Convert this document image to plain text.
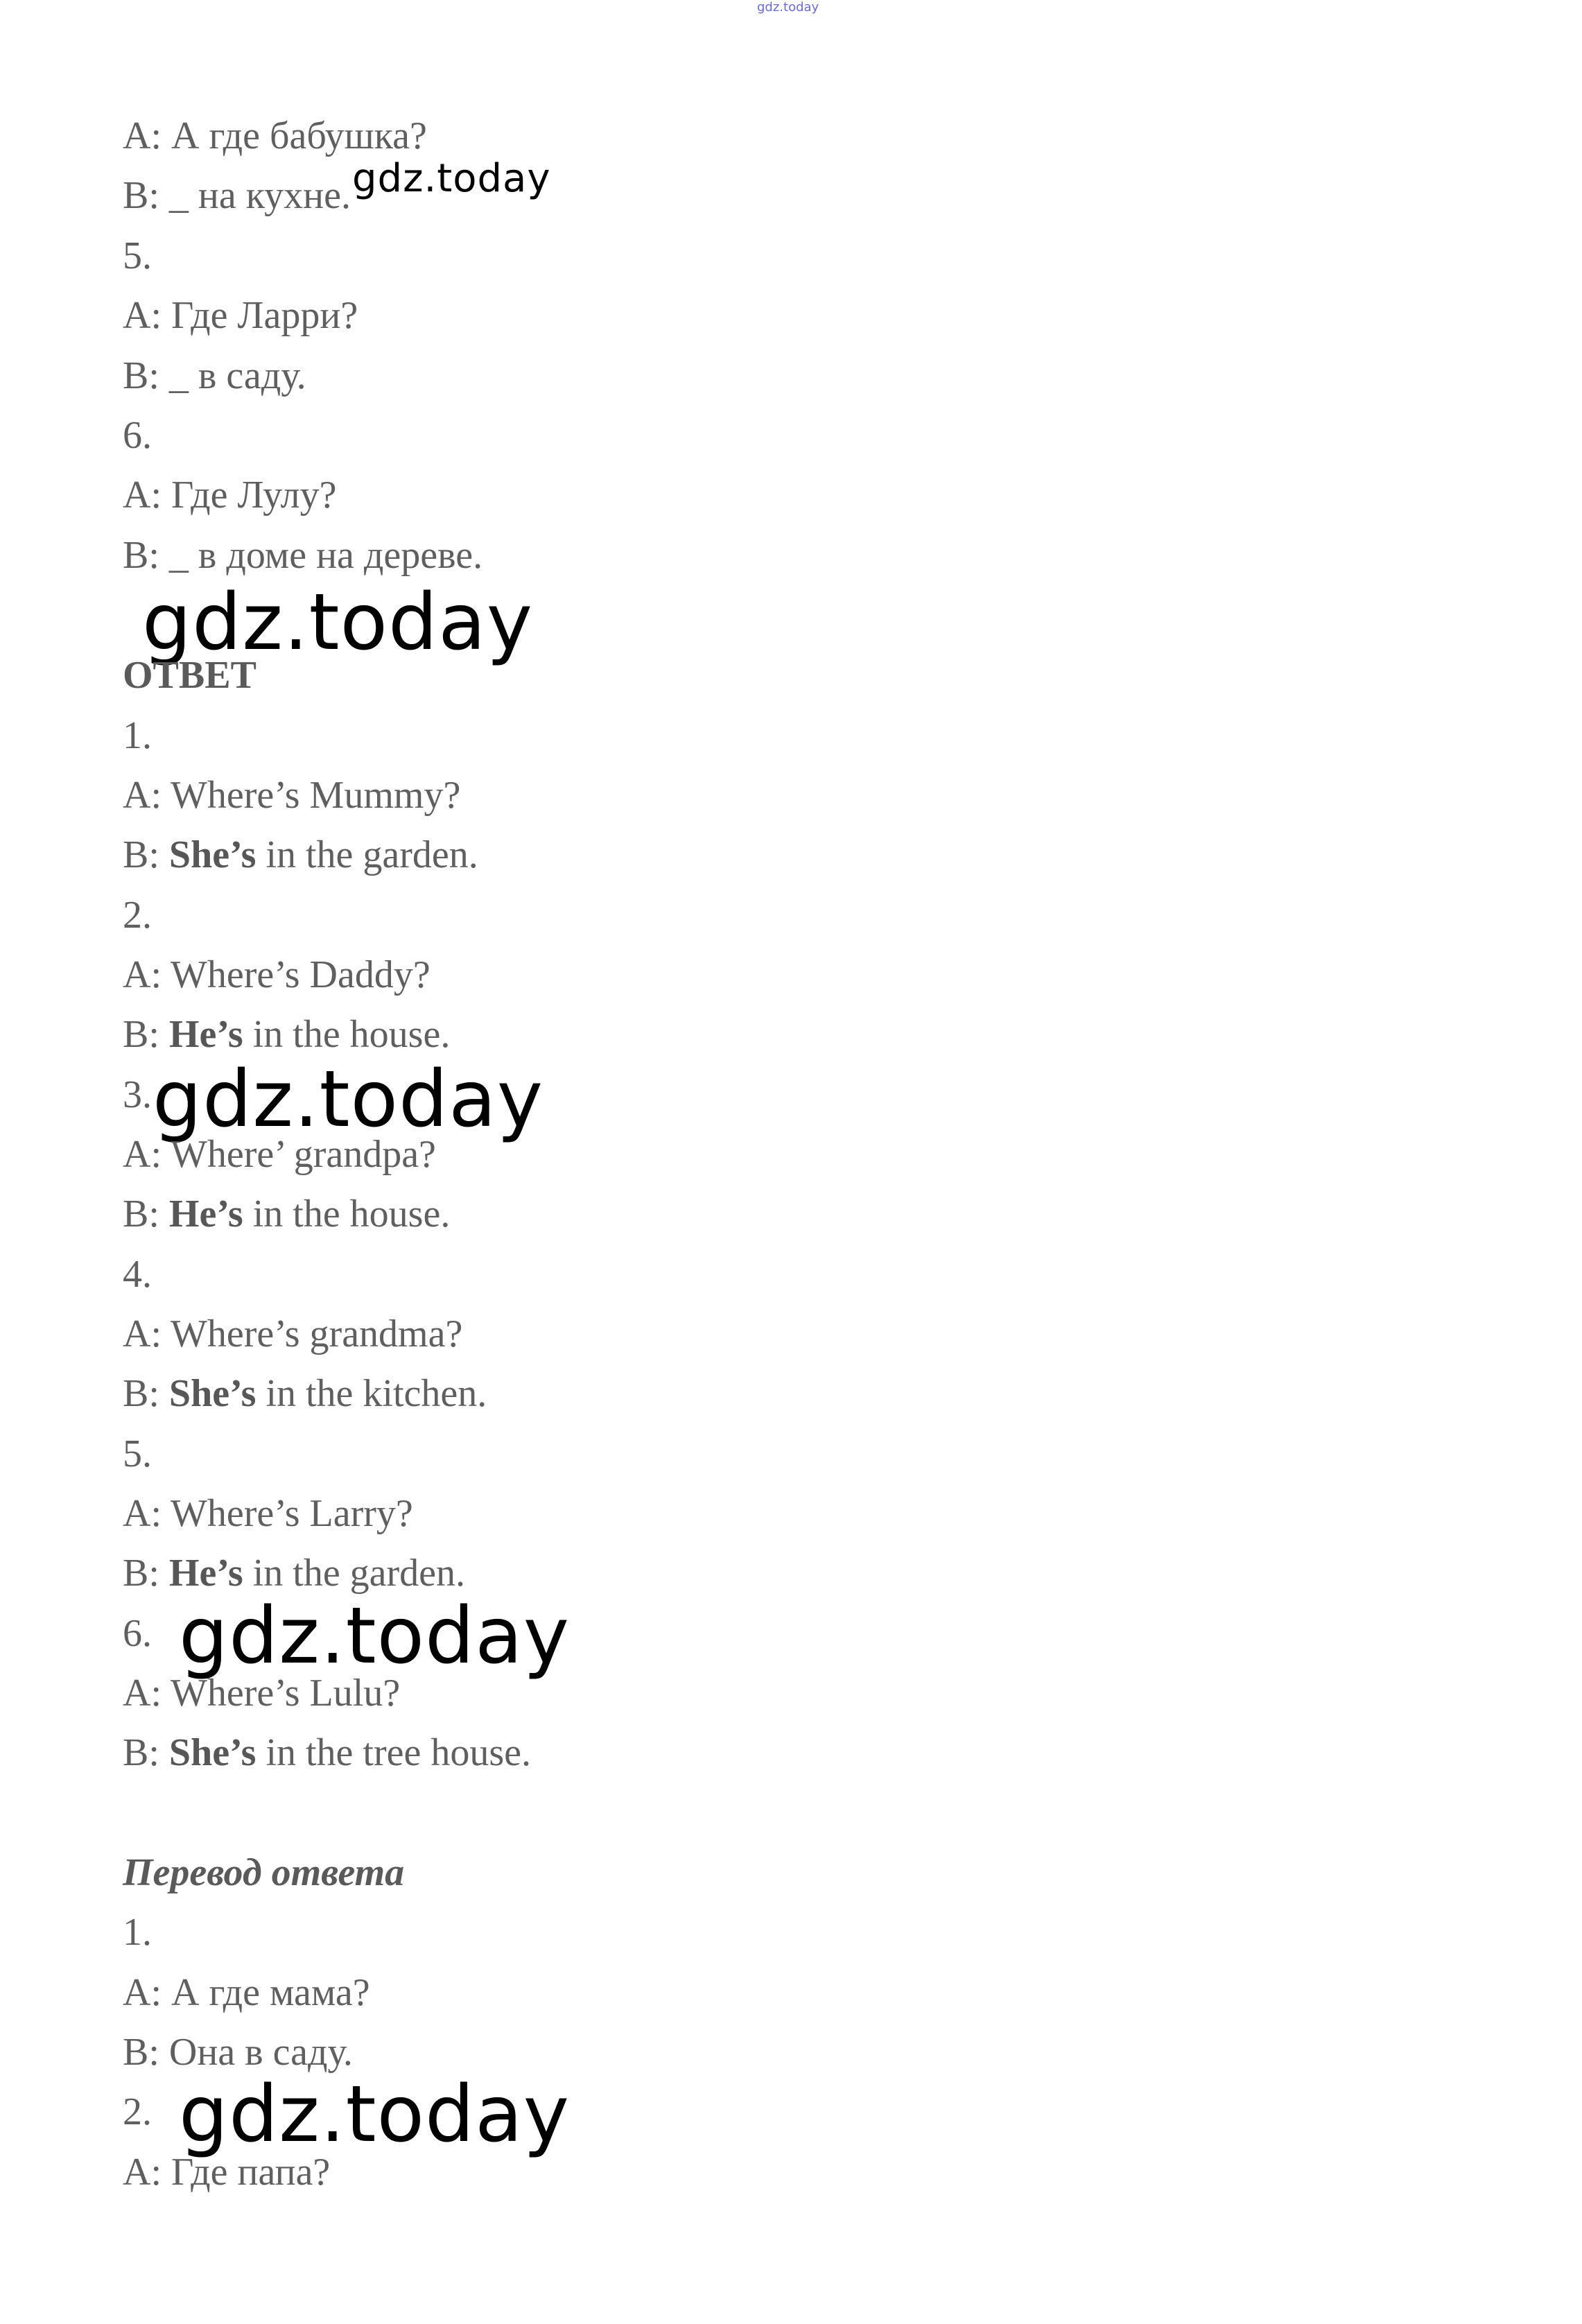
gdz.today
A: А где бабушка?
B: _ на кухне. gdz.today
5.
A: Где Ларри?
B: _ в саду.
6.
A: Где Лулу?
B: _ в доме на дереве.
gdz.today
ОТВЕТ
1.
A: Where’s Mummy?
B: She’s in the garden.
2.
A: Where’s Daddy?
B: He’s in the house.
3. gdz.today
A: Where’ grandpa?
B: He’s in the house.
4.
A: Where’s grandma?
B: She’s in the kitchen.
5.
A: Where’s Larry?
B: He’s in the garden.
6. gdz.today
A: Where’s Lulu?
B: She’s in the tree house.
Перевод ответа
1.
A: А где мама?
B: Она в саду.
2. gdz.today
A: Где папа?
